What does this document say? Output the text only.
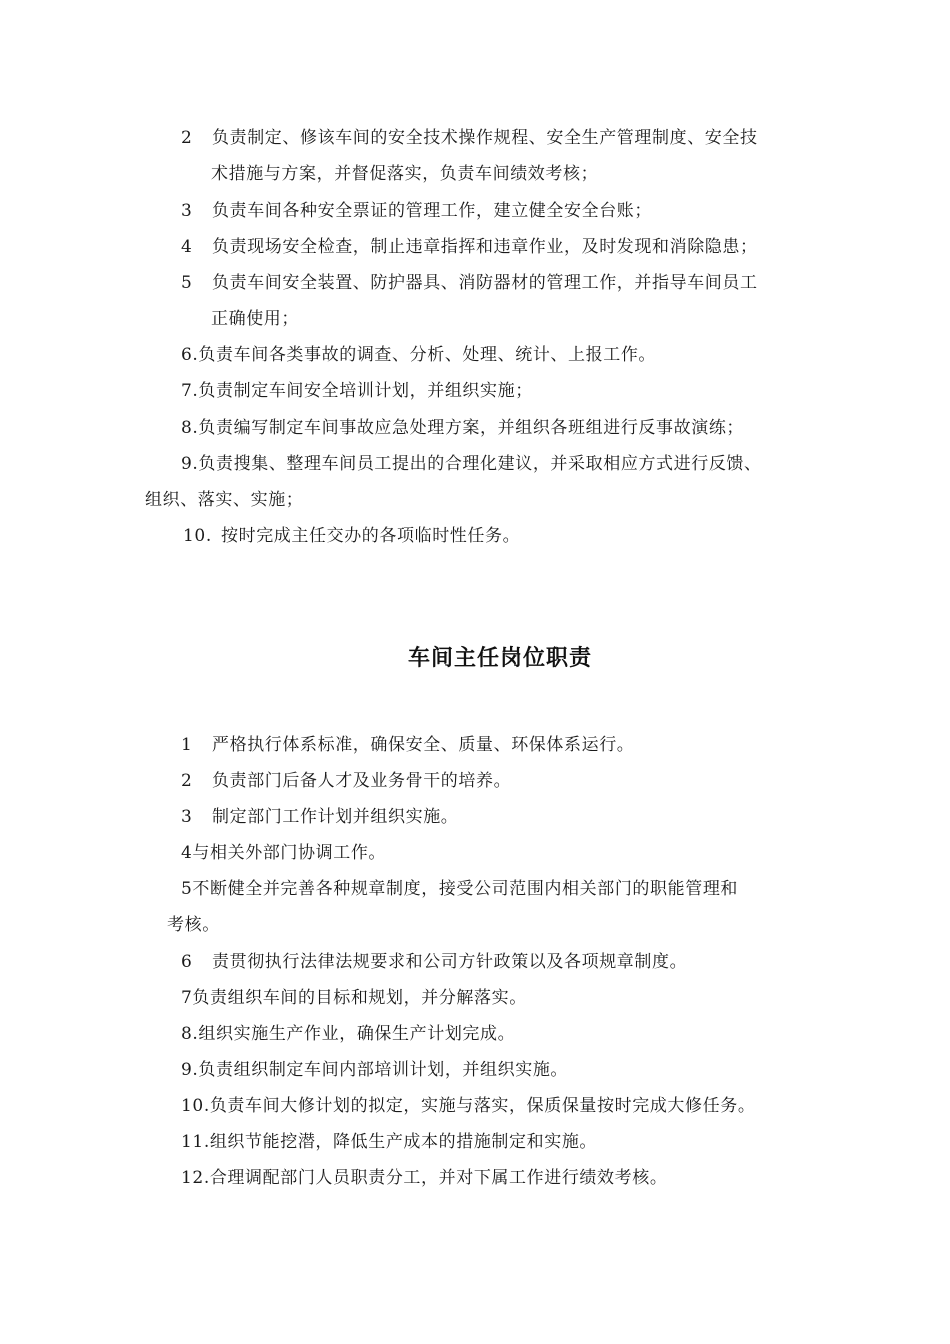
2 负责制定、修该车间的安全技术操作规程、安全生产管理制度、安全技
术措施与方案，并督促落实，负责车间绩效考核；
3 负责车间各种安全票证的管理工作，建立健全安全台账；
4 负责现场安全检查，制止违章指挥和违章作业，及时发现和消除隐患；
5 负责车间安全装置、防护器具、消防器材的管理工作，并指导车间员工
正确使用；
6.负责车间各类事故的调查、分析、处理、统计、上报工作。
7.负责制定车间安全培训计划，并组织实施；
8.负责编写制定车间事故应急处理方案，并组织各班组进行反事故演练；
9.负责搜集、整理车间员工提出的合理化建议，并采取相应方式进行反馈、
组织、落实、实施；
10. 按时完成主任交办的各项临时性任务。
车间主任岗位职责
1 严格执行体系标准，确保安全、质量、环保体系运行。
2 负责部门后备人才及业务骨干的培养。
3 制定部门工作计划并组织实施。
4与相关外部门协调工作。
5不断健全并完善各种规章制度，接受公司范围内相关部门的职能管理和
考核。
6 责贯彻执行法律法规要求和公司方针政策以及各项规章制度。
7负责组织车间的目标和规划，并分解落实。
8.组织实施生产作业，确保生产计划完成。
9.负责组织制定车间内部培训计划，并组织实施。
10.负责车间大修计划的拟定，实施与落实，保质保量按时完成大修任务。
11.组织节能挖潜，降低生产成本的措施制定和实施。
12.合理调配部门人员职责分工，并对下属工作进行绩效考核。
